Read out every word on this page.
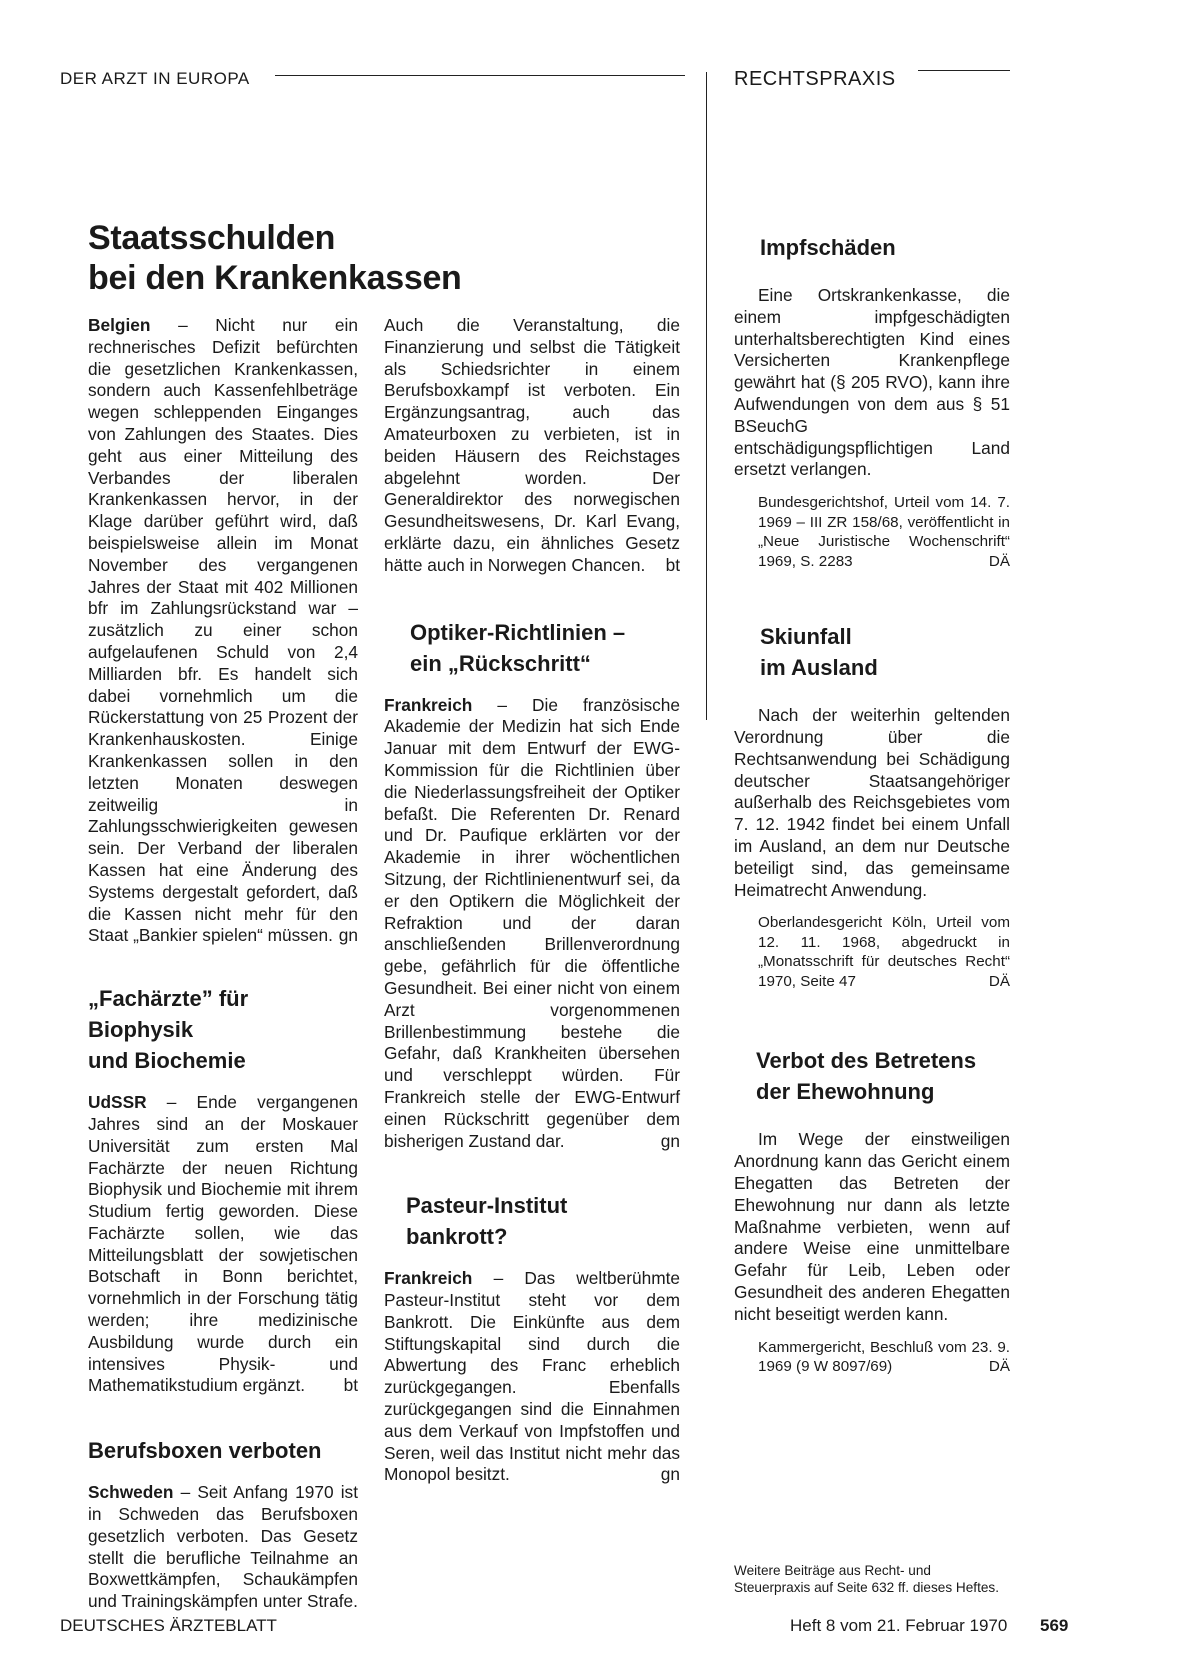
DER ARZT IN EUROPA	RECHTSPRAXIS

Staatsschulden

bei den Krankenkassen

Belgien – Nicht nur ein rechnerisches Defizit befürchten die gesetzlichen Krankenkassen, sondern auch Kassenfehlbeträge wegen schleppenden Einganges von Zahlungen des Staates. Dies geht aus einer Mitteilung des Verbandes der liberalen Krankenkassen hervor, in der Klage darüber geführt wird, daß beispielsweise allein im Monat November des vergangenen Jahres der Staat mit 402 Millionen bfr im Zahlungsrückstand war – zusätzlich zu einer schon aufgelaufenen Schuld von 2,4 Milliarden bfr. Es handelt sich dabei vornehmlich um die Rückerstattung von 25 Prozent der Krankenhauskosten. Einige Krankenkassen sollen in den letzten Monaten deswegen zeitweilig in Zahlungsschwierigkeiten gewesen sein. Der Verband der liberalen Kassen hat eine Änderung des Systems dergestalt gefordert, daß die Kassen nicht mehr für den Staat „Bankier spielen“ müssen. gn

„Fachärzte” für Biophysik

und Biochemie

UdSSR – Ende vergangenen Jahres sind an der Moskauer Universität zum ersten Mal Fachärzte der neuen Richtung Biophysik und Biochemie mit ihrem Studium fertig geworden. Diese Fachärzte sollen, wie das Mitteilungsblatt der sowjetischen Botschaft in Bonn berichtet, vornehmlich in der Forschung tätig werden; ihre medizinische Ausbildung wurde durch ein intensives Physik- und Mathematikstudium ergänzt. bt

Berufsboxen verboten

Schweden – Seit Anfang 1970 ist in Schweden das Berufsboxen gesetzlich verboten. Das Gesetz stellt die berufliche Teilnahme an Boxwettkämpfen, Schaukämpfen und Trainingskämpfen unter Strafe.

Auch die Veranstaltung, die Finanzierung und selbst die Tätigkeit als Schiedsrichter in einem Berufsboxkampf ist verboten. Ein Ergänzungsantrag, auch das Amateurboxen zu verbieten, ist in beiden Häusern des Reichstages abgelehnt worden. Der Generaldirektor des norwegischen Gesundheitswesens, Dr. Karl Evang, erklärte dazu, ein ähnliches Gesetz hätte auch in Norwegen Chancen. bt

Optiker-Richtlinien –

ein „Rückschritt“

Frankreich – Die französische Akademie der Medizin hat sich Ende Januar mit dem Entwurf der EWG-Kommission für die Richtlinien über die Niederlassungsfreiheit der Optiker befaßt. Die Referenten Dr. Renard und Dr. Paufique erklärten vor der Akademie in ihrer wöchentlichen Sitzung, der Richtlinienentwurf sei, da er den Optikern die Möglichkeit der Refraktion und der daran anschließenden Brillenverordnung gebe, gefährlich für die öffentliche Gesundheit. Bei einer nicht von einem Arzt vorgenommenen Brillenbestimmung bestehe die Gefahr, daß Krankheiten übersehen und verschleppt würden. Für Frankreich stelle der EWG-Entwurf einen Rückschritt gegenüber dem bisherigen Zustand dar.	gn

Pasteur-Institut

bankrott?

Frankreich – Das weltberühmte Pasteur-Institut steht vor dem Bankrott. Die Einkünfte aus dem Stiftungskapital sind durch die Abwertung des Franc erheblich zurückgegangen. Ebenfalls zurückgegangen sind die Einnahmen aus dem Verkauf von Impfstoffen und Seren, weil das Institut nicht mehr das Monopol besitzt.	gn

Impfschäden

Eine Ortskrankenkasse, die einem impfgeschädigten unterhaltsberechtigten Kind eines Versicherten Krankenpflege gewährt hat (§ 205 RVO), kann ihre Aufwendungen von dem aus § 51 BSeuchG entschädigungspflichtigen Land ersetzt verlangen.

Bundesgerichtshof, Urteil vom 14. 7. 1969 – III ZR 158/68, veröffentlicht in „Neue Juristische Wochenschrift“ 1969, S. 2283	DÄ

Skiunfall

im Ausland

Nach der weiterhin geltenden Verordnung über die Rechtsanwendung bei Schädigung deutscher Staatsangehöriger außerhalb des Reichsgebietes vom 7. 12. 1942 findet bei einem Unfall im Ausland, an dem nur Deutsche beteiligt sind, das gemeinsame Heimatrecht Anwendung.

Oberlandesgericht Köln, Urteil vom 12. 11. 1968, abgedruckt in „Monatsschrift für deutsches Recht“ 1970, Seite 47	DÄ

Verbot des Betretens

der Ehewohnung

Im Wege der einstweiligen Anordnung kann das Gericht einem Ehegatten das Betreten der Ehewohnung nur dann als letzte Maßnahme verbieten, wenn auf andere Weise eine unmittelbare Gefahr für Leib, Leben oder Gesundheit des anderen Ehegatten nicht beseitigt werden kann.

Kammergericht, Beschluß vom 23. 9. 1969 (9 W 8097/69)	DÄ

Weitere Beiträge aus Recht- und Steuerpraxis auf Seite 632 ff. dieses Heftes.

DEUTSCHES ÄRZTEBLATT	Heft 8 vom 21. Februar 1970 569
